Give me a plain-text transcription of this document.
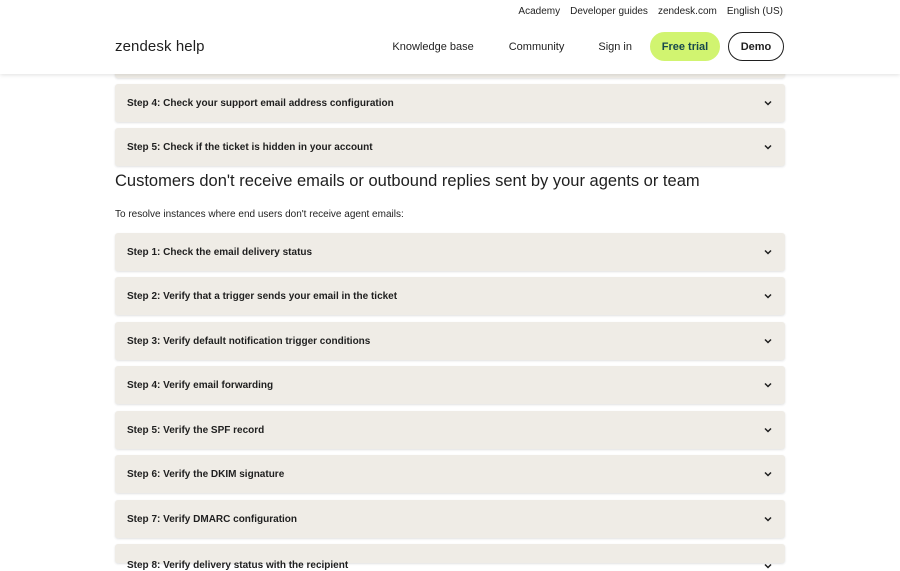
Academy Developer guides zendesk.com English (US)
zendesk help	Knowledge base	Community	Sign in	Free trial	Demo
Step 4: Check your support email address configuration
Step 5: Check if the ticket is hidden in your account
Customers don't receive emails or outbound replies sent by your agents or team

To resolve instances where end users don't receive agent emails:

Step 1: Check the email delivery status
Step 2: Verify that a trigger sends your email in the ticket
Step 3: Verify default notification trigger conditions
Step 4: Verify email forwarding
Step 5: Verify the SPF record
Step 6: Verify the DKIM signature
Step 7: Verify DMARC configuration
Step 8: Verify delivery status with the recipient
